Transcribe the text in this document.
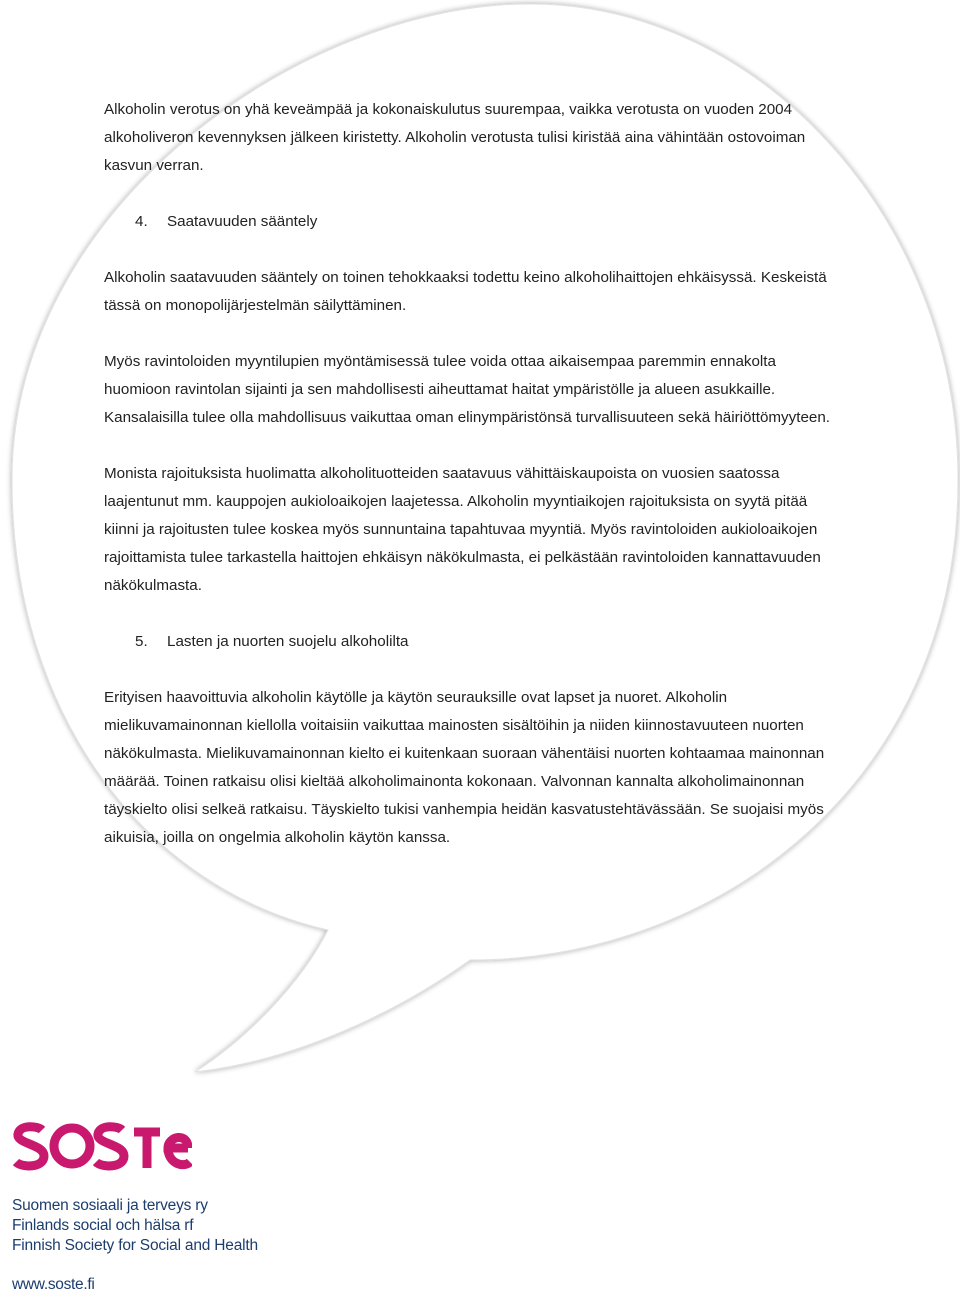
Alkoholin verotus on yhä keveämpää ja kokonaiskulutus suurempaa, vaikka verotusta on vuoden 2004 alkoholiveron kevennyksen jälkeen kiristetty. Alkoholin verotusta tulisi kiristää aina vähintään ostovoiman kasvun verran.

4. Saatavuuden sääntely

Alkoholin saatavuuden sääntely on toinen tehokkaaksi todettu keino alkoholihaittojen ehkäisyssä. Keskeistä tässä on monopolijärjestelmän säilyttäminen.

Myös ravintoloiden myyntilupien myöntämisessä tulee voida ottaa aikaisempaa paremmin ennakolta huomioon ravintolan sijainti ja sen mahdollisesti aiheuttamat haitat ympäristölle ja alueen asukkaille. Kansalaisilla tulee olla mahdollisuus vaikuttaa oman elinympäristönsä turvallisuuteen sekä häiriöttömyyteen.

Monista rajoituksista huolimatta alkoholituotteiden saatavuus vähittäiskaupoista on vuosien saatossa laajentunut mm. kauppojen aukioloaikojen laajetessa. Alkoholin myyntiaikojen rajoituksista on syytä pitää kiinni ja rajoitusten tulee koskea myös sunnuntaina tapahtuvaa myyntiä. Myös ravintoloiden aukioloaikojen rajoittamista tulee tarkastella haittojen ehkäisyn näkökulmasta, ei pelkästään ravintoloiden kannattavuuden näkökulmasta.

5. Lasten ja nuorten suojelu alkoholilta

Erityisen haavoittuvia alkoholin käytölle ja käytön seurauksille ovat lapset ja nuoret. Alkoholin mielikuvamainonnan kiellolla voitaisiin vaikuttaa mainosten sisältöihin ja niiden kiinnostavuuteen nuorten näkökulmasta. Mielikuvamainonnan kielto ei kuitenkaan suoraan vähentäisi nuorten kohtaamaa mainonnan määrää. Toinen ratkaisu olisi kieltää alkoholimainonta kokonaan. Valvonnan kannalta alkoholimainonnan täyskielto olisi selkeä ratkaisu. Täyskielto tukisi vanhempia heidän kasvatustehtävässään. Se suojaisi myös aikuisia, joilla on ongelmia alkoholin käytön kanssa.

Suomen sosiaali ja terveys ry
Finlands social och hälsa rf
Finnish Society for Social and Health
www.soste.fi
